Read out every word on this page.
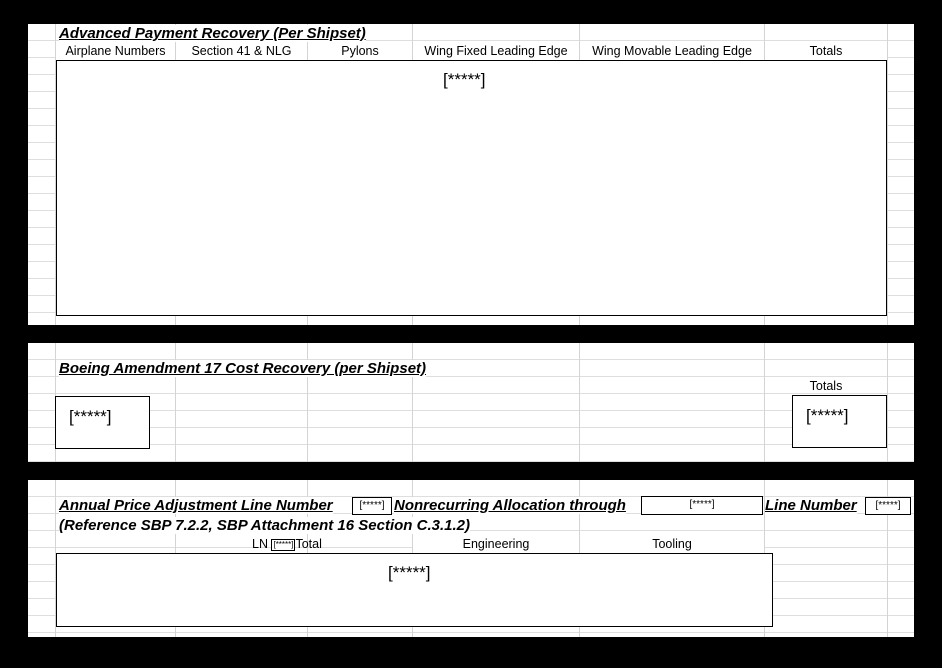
Advanced Payment Recovery (Per Shipset)
Airplane Numbers	Section 41 & NLG	Pylons	Wing Fixed Leading Edge	Wing Movable Leading Edge	Totals
[*****]
Boeing Amendment 17 Cost Recovery (per Shipset)
Totals
[*****]	[*****]
Annual Price Adjustment Line Number	[*****] Nonrecurring Allocation through	[*****]	Line Number	[*****]
(Reference SBP 7.2.2, SBP Attachment 16 Section C.3.1.2)
LN [*****] Total	Engineering	Tooling
[*****]
